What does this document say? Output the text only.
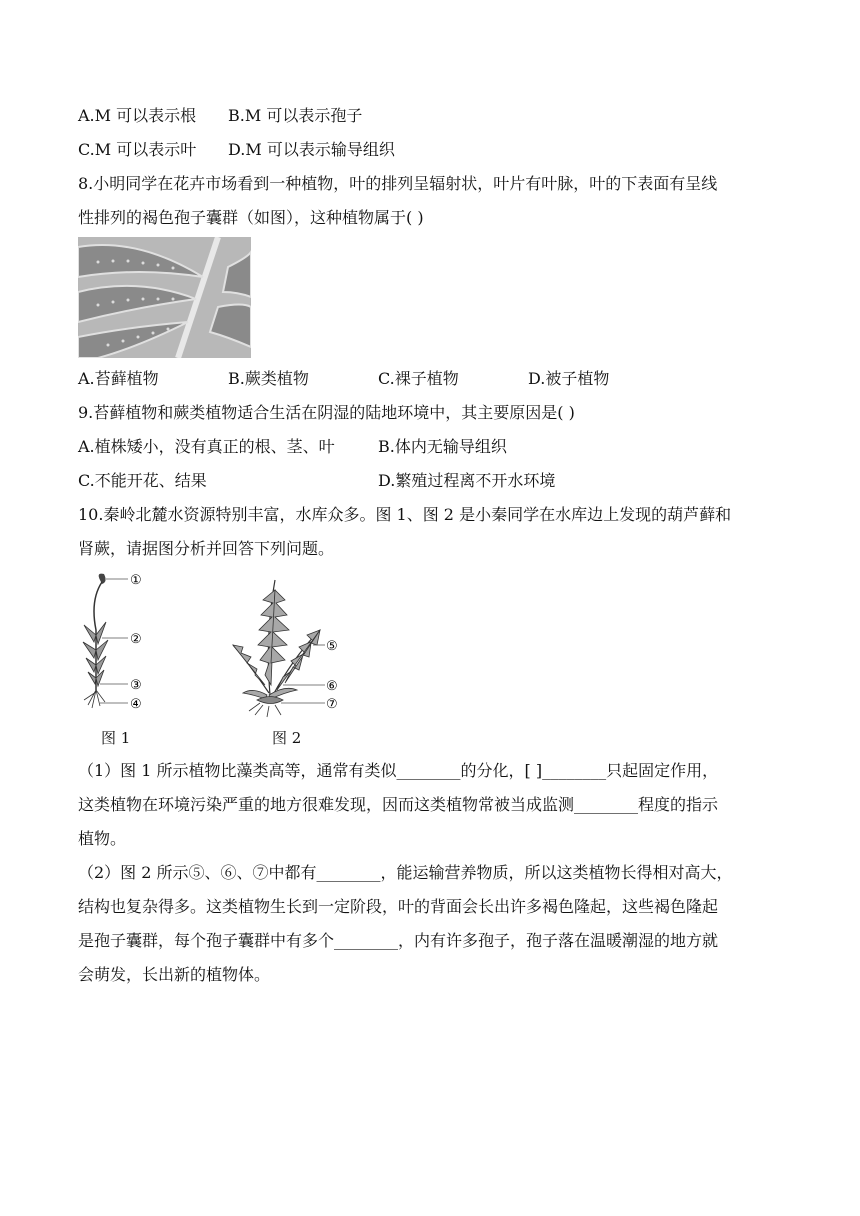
A.M 可以表示根 B.M 可以表示孢子
C.M 可以表示叶 D.M 可以表示输导组织
8.小明同学在花卉市场看到一种植物，叶的排列呈辐射状，叶片有叶脉，叶的下表面有呈线
性排列的褐色孢子囊群（如图），这种植物属于( )
A.苔藓植物	B.蕨类植物	C.裸子植物	D.被子植物
9.苔藓植物和蕨类植物适合生活在阴湿的陆地环境中，其主要原因是( )
A.植株矮小，没有真正的根、茎、叶	B.体内无输导组织
C.不能开花、结果	D.繁殖过程离不开水环境
10.秦岭北麓水资源特别丰富，水库众多。图 1、图 2 是小秦同学在水库边上发现的葫芦藓和
肾蕨，请据图分析并回答下列问题。
①
②
③
④
图 1
⑤
⑥
⑦
图 2
（1）图 1 所示植物比藻类高等，通常有类似________的分化，[ ]________只起固定作用，
这类植物在环境污染严重的地方很难发现，因而这类植物常被当成监测________程度的指示
植物。
（2）图 2 所示⑤、⑥、⑦中都有________，能运输营养物质，所以这类植物长得相对高大，
结构也复杂得多。这类植物生长到一定阶段，叶的背面会长出许多褐色隆起，这些褐色隆起
是孢子囊群，每个孢子囊群中有多个________，内有许多孢子，孢子落在温暖潮湿的地方就
会萌发，长出新的植物体。
